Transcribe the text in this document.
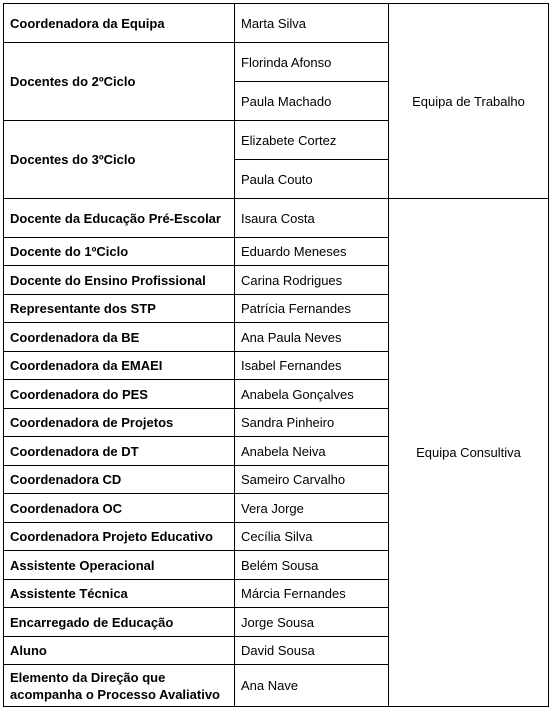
Coordenadora da Equipa	Marta Silva	Equipa de Trabalho
Docentes do 2ºCiclo	Florinda Afonso	
	Paula Machado	
Docentes do 3ºCiclo	Elizabete Cortez	
	Paula Couto	
Docente da Educação Pré-Escolar	Isaura Costa	Equipa Consultiva
Docente do 1ºCiclo	Eduardo Meneses	
Docente do Ensino Profissional	Carina Rodrigues	
Representante dos STP	Patrícia Fernandes	
Coordenadora da BE	Ana Paula Neves	
Coordenadora da EMAEI	Isabel Fernandes	
Coordenadora do PES	Anabela Gonçalves	
Coordenadora de Projetos	Sandra Pinheiro	
Coordenadora de DT	Anabela Neiva	
Coordenadora CD	Sameiro Carvalho	
Coordenadora OC	Vera Jorge	
Coordenadora Projeto Educativo	Cecília Silva	
Assistente Operacional	Belém Sousa	
Assistente Técnica	Márcia Fernandes	
Encarregado de Educação	Jorge Sousa	
Aluno	David Sousa	
Elemento da Direção que acompanha o Processo Avaliativo	Ana Nave	
